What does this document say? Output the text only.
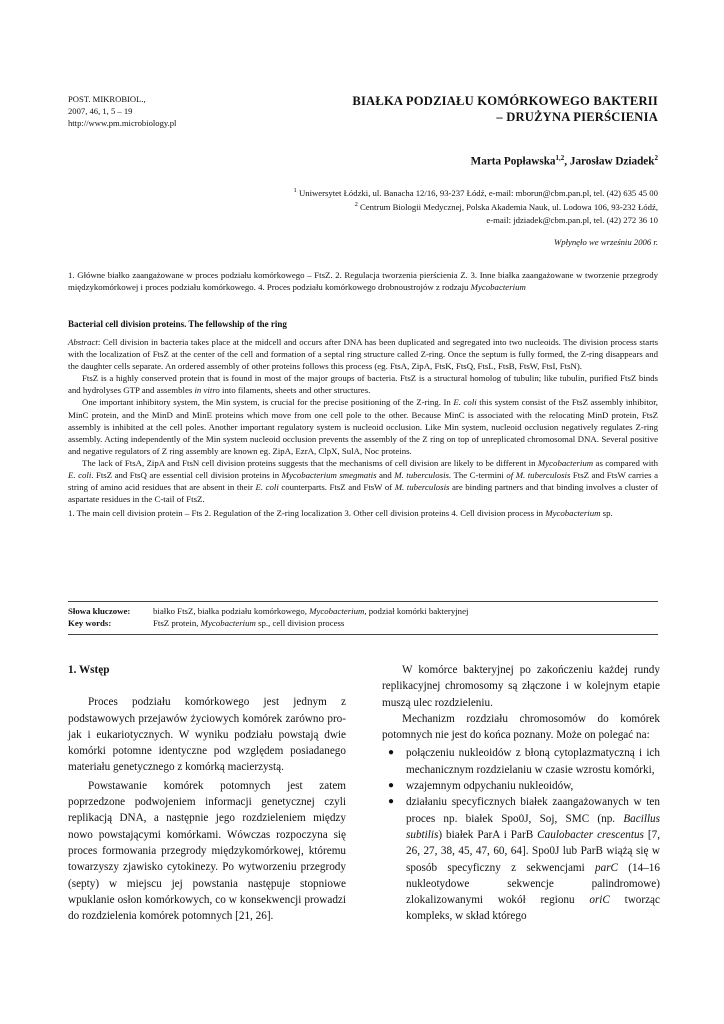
POST. MIKROBIOL.,
2007, 46, 1, 5 – 19
http://www.pm.microbiology.pl
BIAŁKA PODZIAŁU KOMÓRKOWEGO BAKTERII
– DRUŻYNA PIERŚCIENIA
Marta Popławska$^{1,2}$, Jarosław Dziadek$^2$
$^1$ Uniwersytet Łódzki, ul. Banacha 12/16, 93-237 Łódź, e-mail: mborun@cbm.pan.pl, tel. (42) 635 45 00
$^2$ Centrum Biologii Medycznej, Polska Akademia Nauk, ul. Lodowa 106, 93-232 Łódź,
e-mail: jdziadek@cbm.pan.pl, tel. (42) 272 36 10
Wpłynęło we wrześniu 2006 r.
1. Główne białko zaangażowane w proces podziału komórkowego – FtsZ. 2. Regulacja tworzenia pierścienia Z. 3. Inne białka zaangażowane w tworzenie przegrody międzykomórkowej i proces podziału komórkowego. 4. Proces podziału komórkowego drobnoustrojów z rodzaju Mycobacterium
Bacterial cell division proteins. The fellowship of the ring

Abstract: Cell division in bacteria takes place at the midcell and occurs after DNA has been duplicated and segregated into two nucleoids. The division process starts with the localization of FtsZ at the center of the cell and formation of a septal ring structure called Z-ring. Once the septum is fully formed, the Z-ring disappears and the daughter cells separate. An ordered assembly of other proteins follows this process (eg. FtsA, ZipA, FtsK, FtsQ, FtsL, FtsB, FtsW, FtsI, FtsN).

FtsZ is a highly conserved protein that is found in most of the major groups of bacteria. FtsZ is a structural homolog of tubulin; like tubulin, purified FtsZ binds and hydrolyses GTP and assembles in vitro into filaments, sheets and other structures.

One important inhibitory system, the Min system, is crucial for the precise positioning of the Z-ring. In E. coli this system consist of the FtsZ assembly inhibitor, MinC protein, and the MinD and MinE proteins which move from one cell pole to the other. Because MinC is associated with the relocating MinD protein, FtsZ assembly is inhibited at the cell poles. Another important regulatory system is nucleoid occlusion. Like Min system, nucleoid occlusion negatively regulates Z-ring assembly. Acting independently of the Min system nucleoid occlusion prevents the assembly of the Z ring on top of unreplicated chromosomal DNA. Several positive and negative regulators of Z ring assembly are known eg. ZipA, EzrA, ClpX, SulA, Noc proteins.

The lack of FtsA, ZipA and FtsN cell division proteins suggests that the mechanisms of cell division are likely to be different in Mycobacterium as compared with E. coli. FtsZ and FtsQ are essential cell division proteins in Mycobacterium smegmatis and M. tuberculosis. The C-termini of M. tuberculosis FtsZ and FtsW carries a string of amino acid residues that are absent in their E. coli counterparts. FtsZ and FtsW of M. tuberculosis are binding partners and that binding involves a cluster of aspartate residues in the C-tail of FtsZ.

1. The main cell division protein – Fts 2. Regulation of the Z-ring localization 3. Other cell division proteins 4. Cell division process in Mycobacterium sp.

Słowa kluczowe:	białko FtsZ, białka podziału komórkowego, Mycobacterium, podział komórki bakteryjnej
Key words:	FtsZ protein, Mycobacterium sp., cell division process
1. Wstęp

Proces podziału komórkowego jest jednym z podstawowych przejawów życiowych komórek zarówno pro- jak i eukariotycznych. W wyniku podziału powstają dwie komórki potomne identyczne pod względem posiadanego materiału genetycznego z komórką macierzystą.

Powstawanie komórek potomnych jest zatem poprzedzone podwojeniem informacji genetycznej czyli replikacją DNA, a następnie jego rozdzieleniem między nowo powstającymi komórkami. Wówczas rozpoczyna się proces formowania przegrody międzykomórkowej, któremu towarzyszy zjawisko cytokinezy. Po wytworzeniu przegrody (septy) w miejscu jej powstania następuje stopniowe wpuklanie osłon komórkowych, co w konsekwencji prowadzi do rozdzielenia komórek potomnych [21, 26].

W komórce bakteryjnej po zakończeniu każdej rundy replikacyjnej chromosomy są złączone i w kolejnym etapie muszą ulec rozdzieleniu.

Mechanizm rozdziału chromosomów do komórek potomnych nie jest do końca poznany. Może on polegać na:

● połączeniu nukleoidów z błoną cytoplazmatyczną i ich mechanicznym rozdzielaniu w czasie wzrostu komórki,
● wzajemnym odpychaniu nukleoidów,
● działaniu specyficznych białek zaangażowanych w ten proces np. białek Spo0J, Soj, SMC (np. Bacillus subtilis) białek ParA i ParB Caulobacter crescentus [7, 26, 27, 38, 45, 47, 60, 64]. Spo0J lub ParB wiążą się w sposób specyficzny z sekwencjami parC (14–16 nukleotydowe sekwencje palindromowe) zlokalizowanymi wokół regionu oriC tworząc kompleks, w skład którego
